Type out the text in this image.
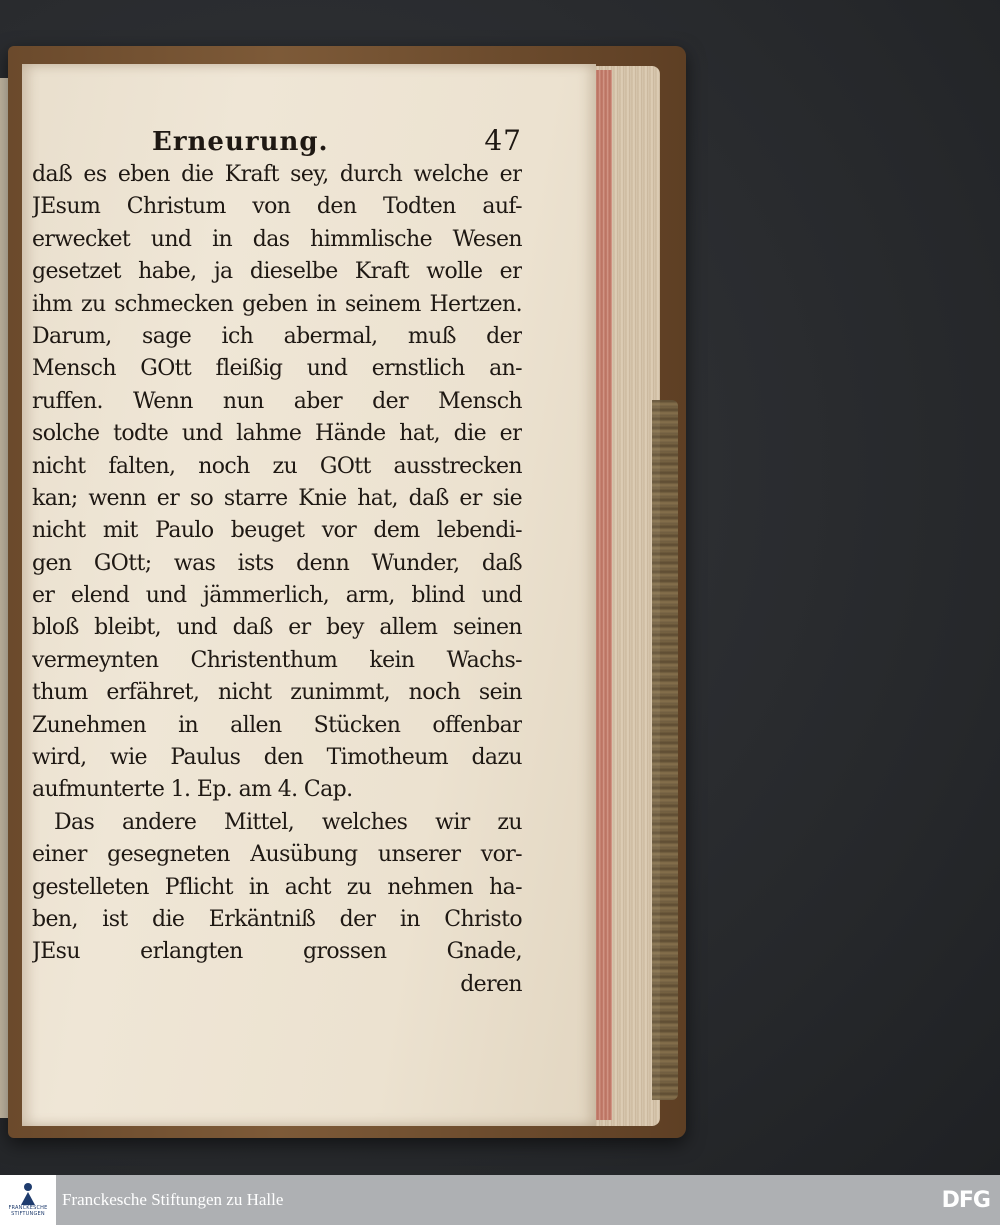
Erneurung.	47
daß es eben die Kraft sey, durch welche er
JEsum Christum von den Todten auf-
erwecket und in das himmlische Wesen
gesetzet habe, ja dieselbe Kraft wolle er
ihm zu schmecken geben in seinem Hertzen.
Darum, sage ich abermal, muß der
Mensch GOtt fleißig und ernstlich an-
ruffen. Wenn nun aber der Mensch
solche todte und lahme Hände hat, die er
nicht falten, noch zu GOtt ausstrecken
kan; wenn er so starre Knie hat, daß er sie
nicht mit Paulo beuget vor dem lebendi-
gen GOtt; was ists denn Wunder, daß
er elend und jämmerlich, arm, blind und
bloß bleibt, und daß er bey allem seinen
vermeynten Christenthum kein Wachs-
thum erfähret, nicht zunimmt, noch sein
Zunehmen in allen Stücken offenbar
wird, wie Paulus den Timotheum dazu
aufmunterte 1. Ep. am 4. Cap.
Das andere Mittel, welches wir zu
einer gesegneten Ausübung unserer vor-
gestelleten Pflicht in acht zu nehmen ha-
ben, ist die Erkäntniß der in Christo
JEsu erlangten grossen Gnade,
deren
FRANCKESCHE
STIFTUNGEN
Franckesche Stiftungen zu Halle	DFG
